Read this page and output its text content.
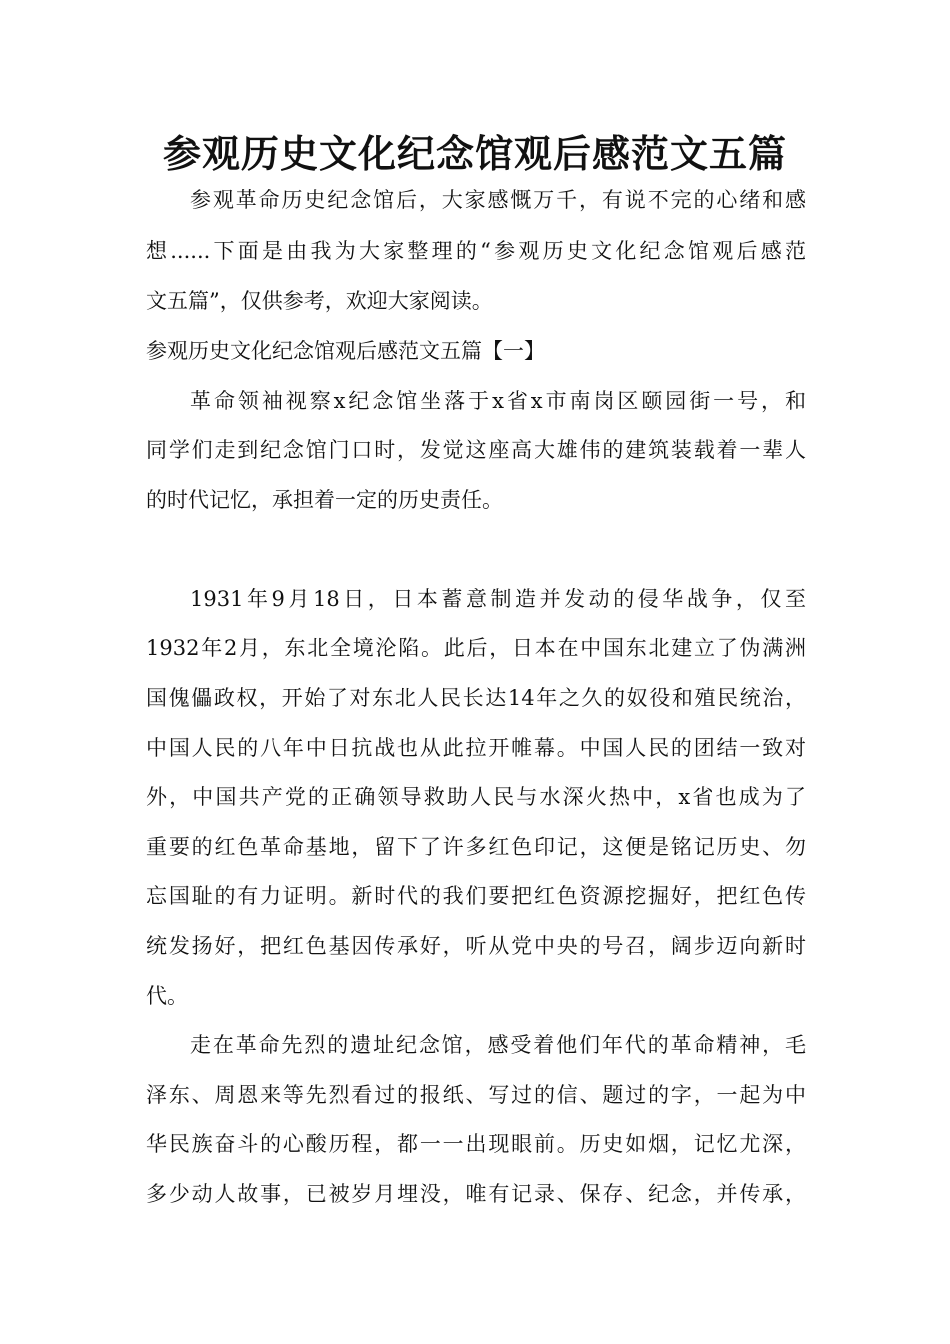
参观历史文化纪念馆观后感范文五篇
参观革命历史纪念馆后，大家感慨万千，有说不完的心绪和感
想......下面是由我为大家整理的“参观历史文化纪念馆观后感范
文五篇”，仅供参考，欢迎大家阅读。
参观历史文化纪念馆观后感范文五篇【一】
革命领袖视察x纪念馆坐落于x省x市南岗区颐园街一号，和
同学们走到纪念馆门口时，发觉这座高大雄伟的建筑装载着一辈人
的时代记忆，承担着一定的历史责任。
1931年9月18日，日本蓄意制造并发动的侵华战争，仅至
1932年2月，东北全境沦陷。此后，日本在中国东北建立了伪满洲
国傀儡政权，开始了对东北人民长达14年之久的奴役和殖民统治，
中国人民的八年中日抗战也从此拉开帷幕。中国人民的团结一致对
外，中国共产党的正确领导救助人民与水深火热中，x省也成为了
重要的红色革命基地，留下了许多红色印记，这便是铭记历史、勿
忘国耻的有力证明。新时代的我们要把红色资源挖掘好，把红色传
统发扬好，把红色基因传承好，听从党中央的号召，阔步迈向新时
代。
走在革命先烈的遗址纪念馆，感受着他们年代的革命精神，毛
泽东、周恩来等先烈看过的报纸、写过的信、题过的字，一起为中
华民族奋斗的心酸历程，都一一出现眼前。历史如烟，记忆尤深，
多少动人故事，已被岁月埋没，唯有记录、保存、纪念，并传承，
